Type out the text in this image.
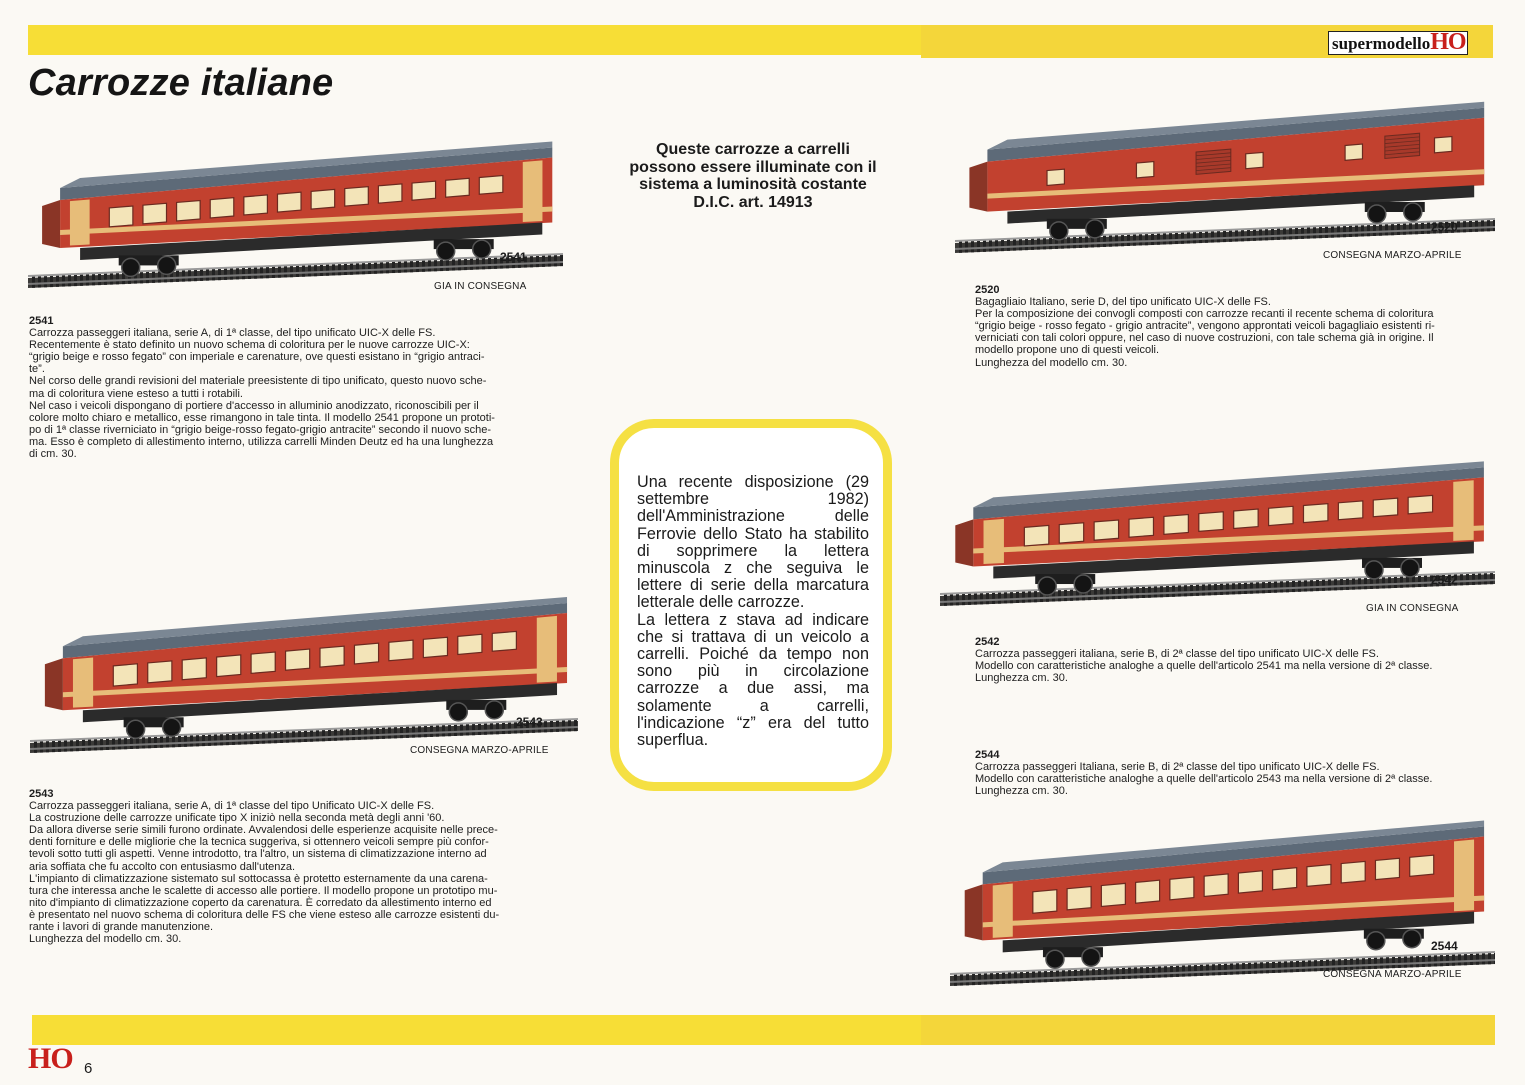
Carrozze italiane
supermodelloHO
Queste carrozze a carrelli
possono essere illuminate con il
sistema a luminosità costante
D.I.C. art. 14913

Una recente disposizione (29 settembre 1982) dell'Amministrazione delle Ferrovie dello Stato ha stabilito di sopprimere la lettera minuscola z che seguiva le lettere di serie della marcatura letterale delle carrozze.

La lettera z stava ad indicare che si trattava di un veicolo a carrelli. Poiché da tempo non sono più in circolazione carrozze a due assi, ma solamente a carrelli, l'indicazione “z” era del tutto superflua.

2541
GIA IN CONSEGNA
2543
CONSEGNA MARZO-APRILE
2520
CONSEGNA MARZO-APRILE
2542
GIA IN CONSEGNA
2544
CONSEGNA MARZO-APRILE
2541

Carrozza passeggeri italiana, serie A, di 1ª classe, del tipo unificato UIC-X delle FS.

Recentemente è stato definito un nuovo schema di coloritura per le nuove carrozze UIC-X:

“grigio beige e rosso fegato” con imperiale e carenature, ove questi esistano in “grigio antraci-

te”.

Nel corso delle grandi revisioni del materiale preesistente di tipo unificato, questo nuovo sche-

ma di coloritura viene esteso a tutti i rotabili.

Nel caso i veicoli dispongano di portiere d'accesso in alluminio anodizzato, riconoscibili per il

colore molto chiaro e metallico, esse rimangono in tale tinta. Il modello 2541 propone un prototi-

po di 1ª classe riverniciato in “grigio beige-rosso fegato-grigio antracite” secondo il nuovo sche-

ma. Esso è completo di allestimento interno, utilizza carrelli Minden Deutz ed ha una lunghezza

di cm. 30.

2543

Carrozza passeggeri italiana, serie A, di 1ª classe del tipo Unificato UIC-X delle FS.

La costruzione delle carrozze unificate tipo X iniziò nella seconda metà degli anni '60.

Da allora diverse serie simili furono ordinate. Avvalendosi delle esperienze acquisite nelle prece-

denti forniture e delle migliorie che la tecnica suggeriva, si ottennero veicoli sempre più confor-

tevoli sotto tutti gli aspetti. Venne introdotto, tra l'altro, un sistema di climatizzazione interno ad

aria soffiata che fu accolto con entusiasmo dall'utenza.

L'impianto di climatizzazione sistemato sul sottocassa è protetto esternamente da una carena-

tura che interessa anche le scalette di accesso alle portiere. Il modello propone un prototipo mu-

nito d'impianto di climatizzazione coperto da carenatura. È corredato da allestimento interno ed

è presentato nel nuovo schema di coloritura delle FS che viene esteso alle carrozze esistenti du-

rante i lavori di grande manutenzione.

Lunghezza del modello cm. 30.

2520

Bagagliaio Italiano, serie D, del tipo unificato UIC-X delle FS.

Per la composizione dei convogli composti con carrozze recanti il recente schema di coloritura

“grigio beige - rosso fegato - grigio antracite”, vengono approntati veicoli bagagliaio esistenti ri-

verniciati con tali colori oppure, nel caso di nuove costruzioni, con tale schema già in origine. Il

modello propone uno di questi veicoli.

Lunghezza del modello cm. 30.

2542

Carrozza passeggeri italiana, serie B, di 2ª classe del tipo unificato UIC-X delle FS.

Modello con caratteristiche analoghe a quelle dell'articolo 2541 ma nella versione di 2ª classe.

Lunghezza cm. 30.

2544

Carrozza passeggeri Italiana, serie B, di 2ª classe del tipo unificato UIC-X delle FS.

Modello con caratteristiche analoghe a quelle dell'articolo 2543 ma nella versione di 2ª classe.

Lunghezza cm. 30.

HO 6
